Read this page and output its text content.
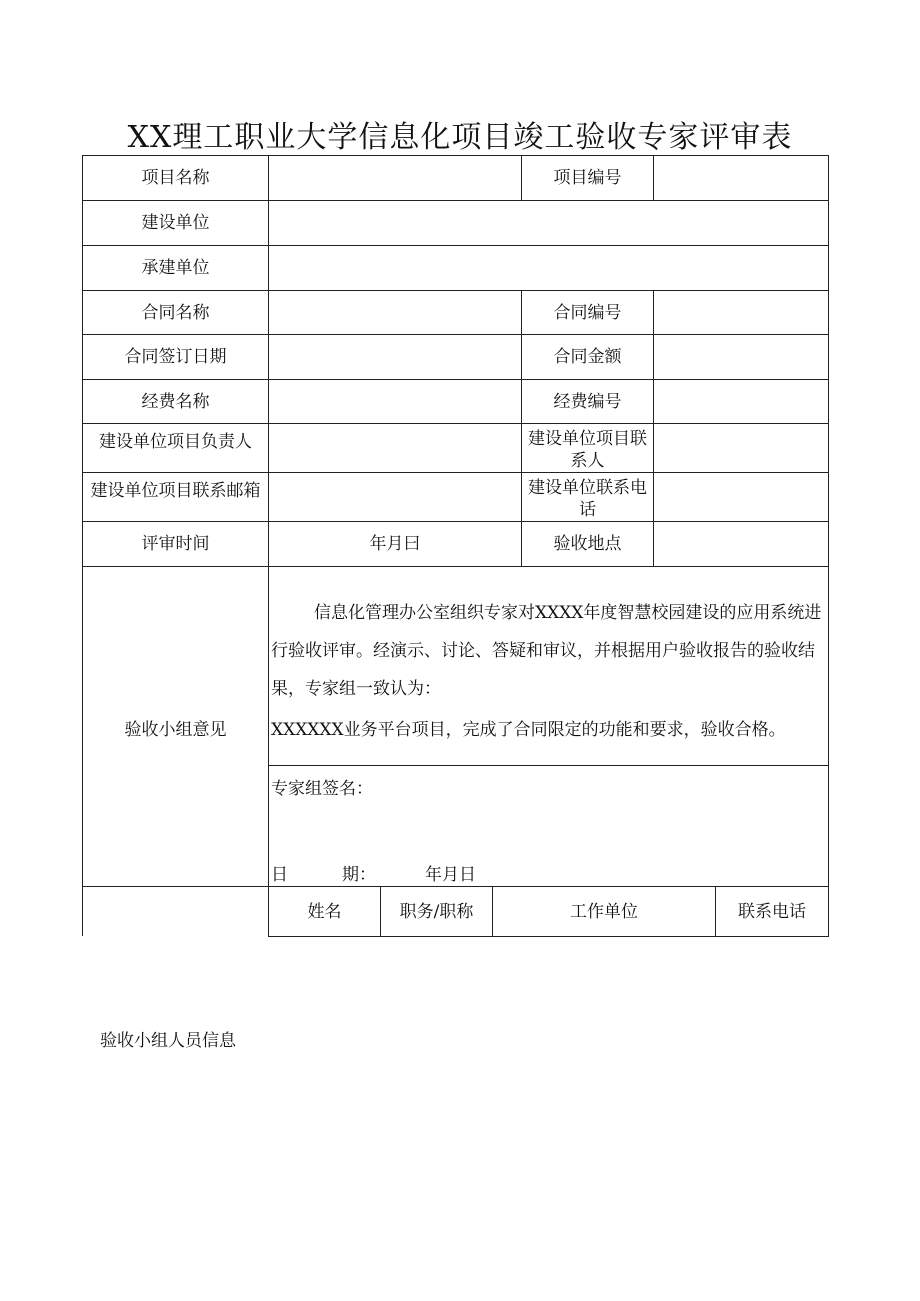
XX理工职业大学信息化项目竣工验收专家评审表
项目名称	项目编号
建设单位
承建单位
合同名称	合同编号
合同签订日期	合同金额
经费名称	经费编号
建设单位项目负责人	建设单位项目联系人
建设单位项目联系邮箱	建设单位联系电话
评审时间	年月曰	验收地点
验收小组意见
信息化管理办公室组织专家对XXXX年度智慧校园建设的应用系统进
行验收评审。经演示、讨论、答疑和审议，并根据用户验收报告的验收结
果，专家组一致认为：
XXXXXX业务平台项目，完成了合同限定的功能和要求，验收合格。
专家组签名：
日	期：	年月日
姓名	职务/职称	工作单位	联系电话
验收小组人员信息
